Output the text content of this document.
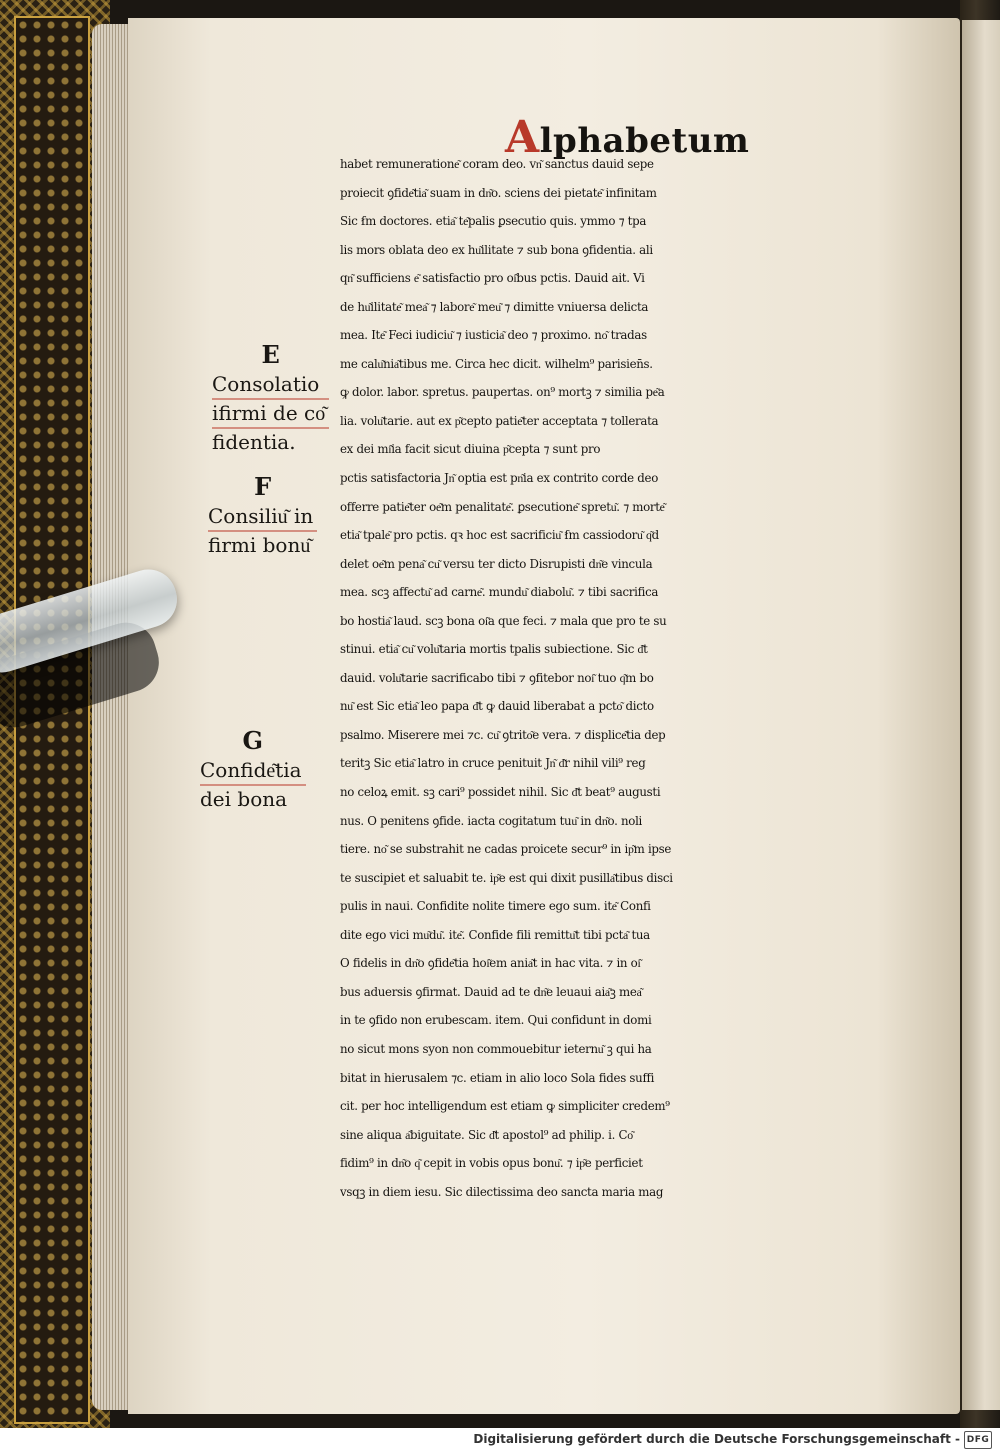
Alphabetum
habet remuneratione͂ coram deo. vn͂ sanctus dauid sepe
proiecit ꝯfide͂tia͂ suam in dn͂o. sciens dei pietate͂ infinitam
Sic ẜm doctores. etia͂ te͂palis ꝑsecutio quis. ymmo ⁊ tpa
lis mors oblata deo ex hu͂ilitate ⁊ sub bona ꝯfidentia. ali
qn͂ sufficiens e͂ satisfactio pro oi͂bus pctis. Dauid ait. Vi
de hu͂ilitate͂ mea͂ ⁊ labore͂ meu͂ ⁊ dimitte vniuersa delicta
mea. Ite͂ Feci iudiciu͂ ⁊ iusticia͂ deo ⁊ proximo. no͂ tradas
me calu͂nia͂tibus me. Circa hec dicit. wilhelm⁹ parisien̄s.
ꝙ dolor. labor. spretus. paupertas. on⁹ mortꝫ ⁊ similia pe͂a
lia. volu͂tarie. aut ex p͂cepto patie͂ter acceptata ⁊ tollerata
ex dei mi͂ia facit sicut diuina p͂cepta ⁊ sunt pro
pctis satisfactoria Jn͂ optia est pn͂ia ex contrito corde deo
offerre patie͂ter oe͂m penalitate͂. ꝑsecutione͂ spretu͂. ⁊ morte͂
etia͂ tpale͂ pro pctis. qꝛ hoc est sacrificiu͂ ẜm cassiodoru͂ q͂d
delet oe͂m pena͂ cu͂ versu ter dicto Disrupisti dn͂e vincula
mea. scꝫ affectu͂ ad carne͂. mundu͂ diabolu͂. ⁊ tibi sacrifica
bo hostia͂ laud. scꝫ bona oi͂a que feci. ⁊ mala que pro te su
stinui. etia͂ cu͂ volu͂taria mortis tpalis subiectione. Sic d͂t
dauid. volu͂tarie sacrificabo tibi ⁊ ꝯfitebor noi͂ tuo q͂m bo
nu͂ est Sic etia͂ leo papa d͂t ꝙ dauid liberabat a pcto͂ dicto
psalmo. Miserere mei ⁊c. cu͂ ꝯtrito͂e vera. ⁊ displice͂tia dep
teritꝫ Sic etia͂ latro in cruce penituit Jn͂ d͂r nihil vili⁹ reg
no celoꝝ emit. sꝫ cari⁹ possidet nihil. Sic d͂t beat⁹ augusti
nus. O penitens ꝯfide. iacta cogitatum tuu͂ in dn͂o. noli
tiere. no͂ se substrahit ne cadas proicete secur⁹ in ip͂m ipse
te suscipiet et saluabit te. ip͂e est qui dixit pusilla͂tibus disci
pulis in naui. Confidite nolite timere ego sum. ite͂ Confi
dite ego vici mu͂du͂. ite͂. Confide fili remittu͂t tibi pcta͂ tua
O fidelis in dn͂o ꝯfide͂tia hoi͂em ania͂t in hac vita. ⁊ in oi͂
bus aduersis ꝯfirmat. Dauid ad te dn͂e leuaui aia͂ꝫ mea͂
in te ꝯfido non erubescam. item. Qui confidunt in domi
no sicut mons syon non commouebitur ieternu͂ ꝫ qui ha
bitat in hierusalem ⁊c. etiam in alio loco Sola fides suffi
cit. per hoc intelligendum est etiam ꝙ simpliciter credem⁹
sine aliqua a͂biguitate. Sic d͂t apostol⁹ ad philip. i. Co͂
fidim⁹ in dn͂o q͂ cepit in vobis opus bonu͂. ⁊ ip͂e perficiet
vsqꝫ in diem iesu. Sic dilectissima deo sancta maria mag
E
Consolatio
ifirmi de co͂
fidentia.
F
Consiliu͂ in
firmi bonu͂
G
Confide͂tia
dei bona
Digitalisierung gefördert durch die Deutsche Forschungsgemeinschaft - DFG
